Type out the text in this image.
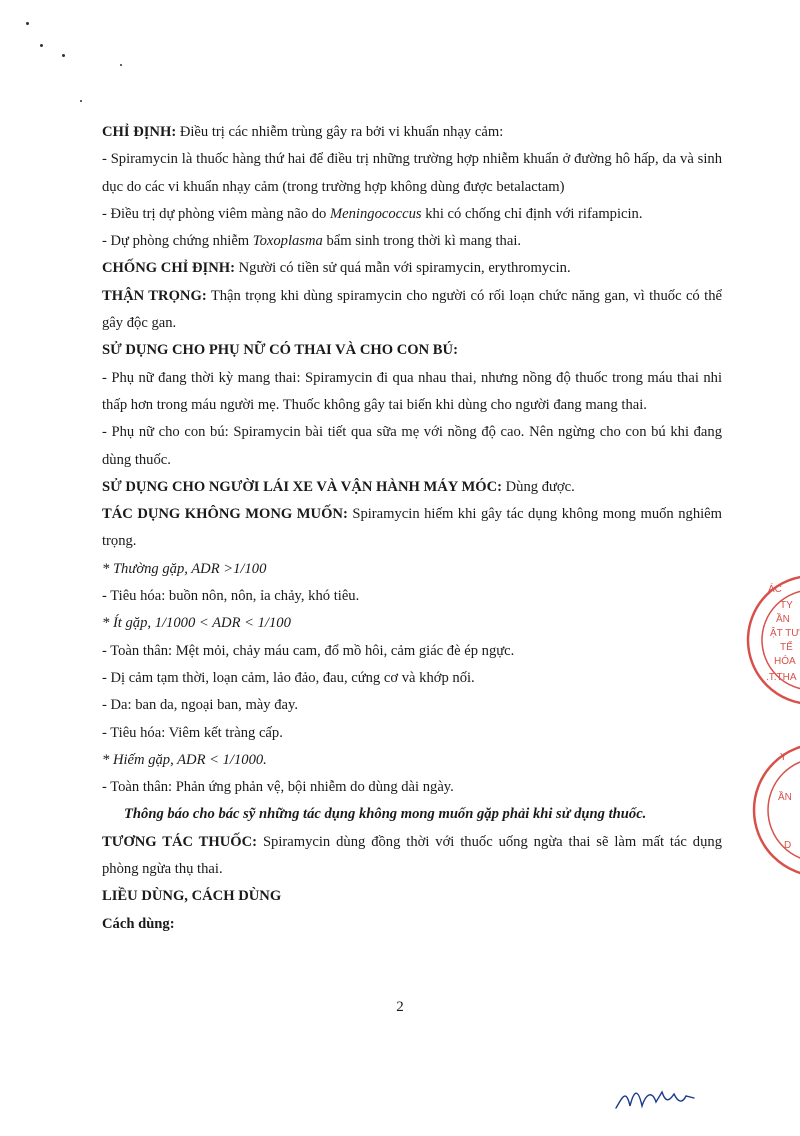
CHỈ ĐỊNH: Điều trị các nhiễm trùng gây ra bởi vi khuẩn nhạy cảm:

- Spiramycin là thuốc hàng thứ hai để điều trị những trường hợp nhiễm khuẩn ở đường hô hấp, da và sinh dục do các vi khuẩn nhạy cảm (trong trường hợp không dùng được betalactam)

- Điều trị dự phòng viêm màng não do Meningococcus khi có chống chỉ định với rifampicin.

- Dự phòng chứng nhiễm Toxoplasma bẩm sinh trong thời kì mang thai.

CHỐNG CHỈ ĐỊNH: Người có tiền sử quá mẫn với spiramycin, erythromycin.

THẬN TRỌNG: Thận trọng khi dùng spiramycin cho người có rối loạn chức năng gan, vì thuốc có thể gây độc gan.

SỬ DỤNG CHO PHỤ NỮ CÓ THAI VÀ CHO CON BÚ:

- Phụ nữ đang thời kỳ mang thai: Spiramycin đi qua nhau thai, nhưng nồng độ thuốc trong máu thai nhi thấp hơn trong máu người mẹ. Thuốc không gây tai biến khi dùng cho người đang mang thai.

- Phụ nữ cho con bú: Spiramycin bài tiết qua sữa mẹ với nồng độ cao. Nên ngừng cho con bú khi đang dùng thuốc.

SỬ DỤNG CHO NGƯỜI LÁI XE VÀ VẬN HÀNH MÁY MÓC: Dùng được.

TÁC DỤNG KHÔNG MONG MUỐN: Spiramycin hiếm khi gây tác dụng không mong muốn nghiêm trọng.

* Thường gặp, ADR >1/100

- Tiêu hóa: buồn nôn, nôn, ỉa chảy, khó tiêu.

* Ít gặp, 1/1000 < ADR < 1/100

- Toàn thân: Mệt mỏi, chảy máu cam, đổ mồ hôi, cảm giác đè ép ngực.

- Dị cảm tạm thời, loạn cảm, lảo đảo, đau, cứng cơ và khớp nối.

- Da: ban da, ngoại ban, mày đay.

- Tiêu hóa: Viêm kết tràng cấp.

* Hiếm gặp, ADR < 1/1000.

- Toàn thân: Phản ứng phản vệ, bội nhiễm do dùng dài ngày.

Thông báo cho bác sỹ những tác dụng không mong muốn gặp phải khi sử dụng thuốc.

TƯƠNG TÁC THUỐC: Spiramycin dùng đồng thời với thuốc uống ngừa thai sẽ làm mất tác dụng phòng ngừa thụ thai.

LIỀU DÙNG, CÁCH DÙNG

Cách dùng:

2
ÁC
TY
ẦN
ẬT TƯ
TẾ
HÓA
.T.THA
Y
ẦN
D
